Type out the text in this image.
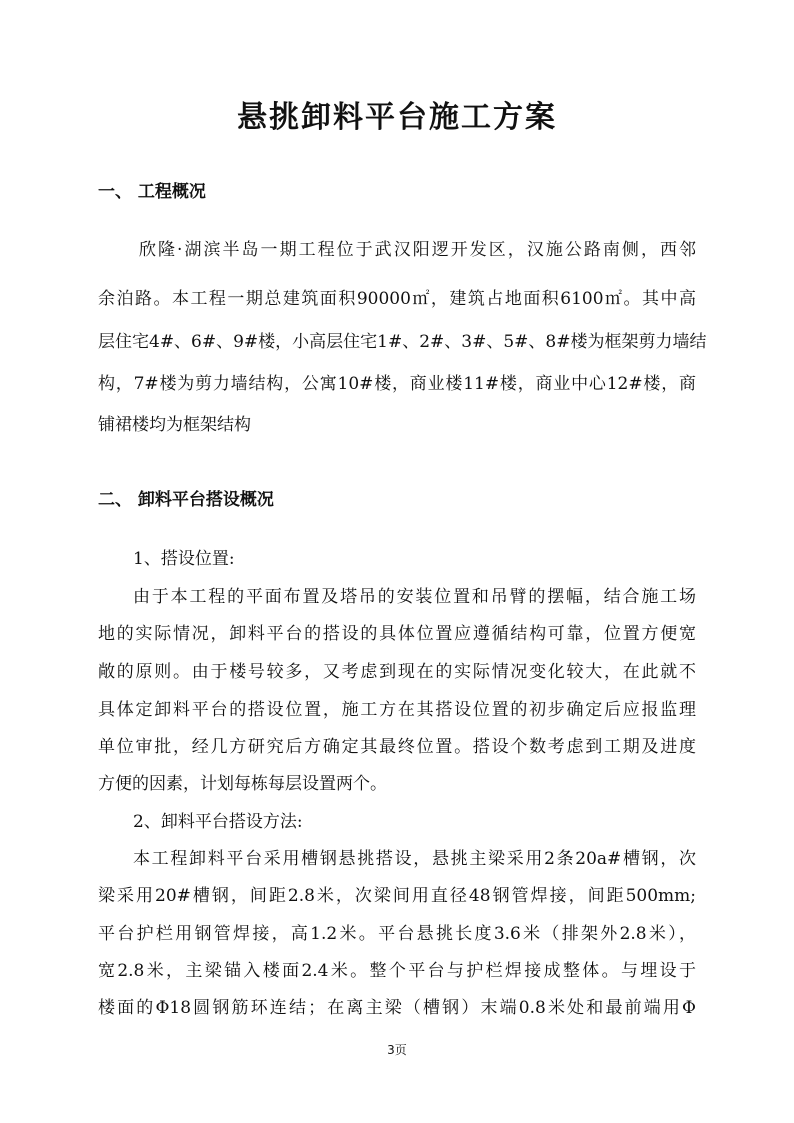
悬挑卸料平台施工方案
一、 工程概况
欣隆·湖滨半岛一期工程位于武汉阳逻开发区，汉施公路南侧，西邻
余泊路。本工程一期总建筑面积90000㎡，建筑占地面积6100㎡。其中高
层住宅4#、6#、9#楼，小高层住宅1#、2#、3#、5#、8#楼为框架剪力墙结
构，7#楼为剪力墙结构，公寓10#楼，商业楼11#楼，商业中心12#楼，商
铺裙楼均为框架结构
二、 卸料平台搭设概况
1、搭设位置:
由于本工程的平面布置及塔吊的安装位置和吊臂的摆幅，结合施工场
地的实际情况，卸料平台的搭设的具体位置应遵循结构可靠，位置方便宽
敞的原则。由于楼号较多，又考虑到现在的实际情况变化较大，在此就不
具体定卸料平台的搭设位置，施工方在其搭设位置的初步确定后应报监理
单位审批，经几方研究后方确定其最终位置。搭设个数考虑到工期及进度
方便的因素，计划每栋每层设置两个。
2、卸料平台搭设方法:
本工程卸料平台采用槽钢悬挑搭设，悬挑主梁采用2条20a#槽钢，次
梁采用20#槽钢，间距2.8米，次梁间用直径48钢管焊接，间距500mm;
平台护栏用钢管焊接，高1.2米。平台悬挑长度3.6米（排架外2.8米），
宽2.8米，主梁锚入楼面2.4米。整个平台与护栏焊接成整体。与埋设于
楼面的Φ18圆钢筋环连结；在离主梁（槽钢）末端0.8米处和最前端用Φ
3页
